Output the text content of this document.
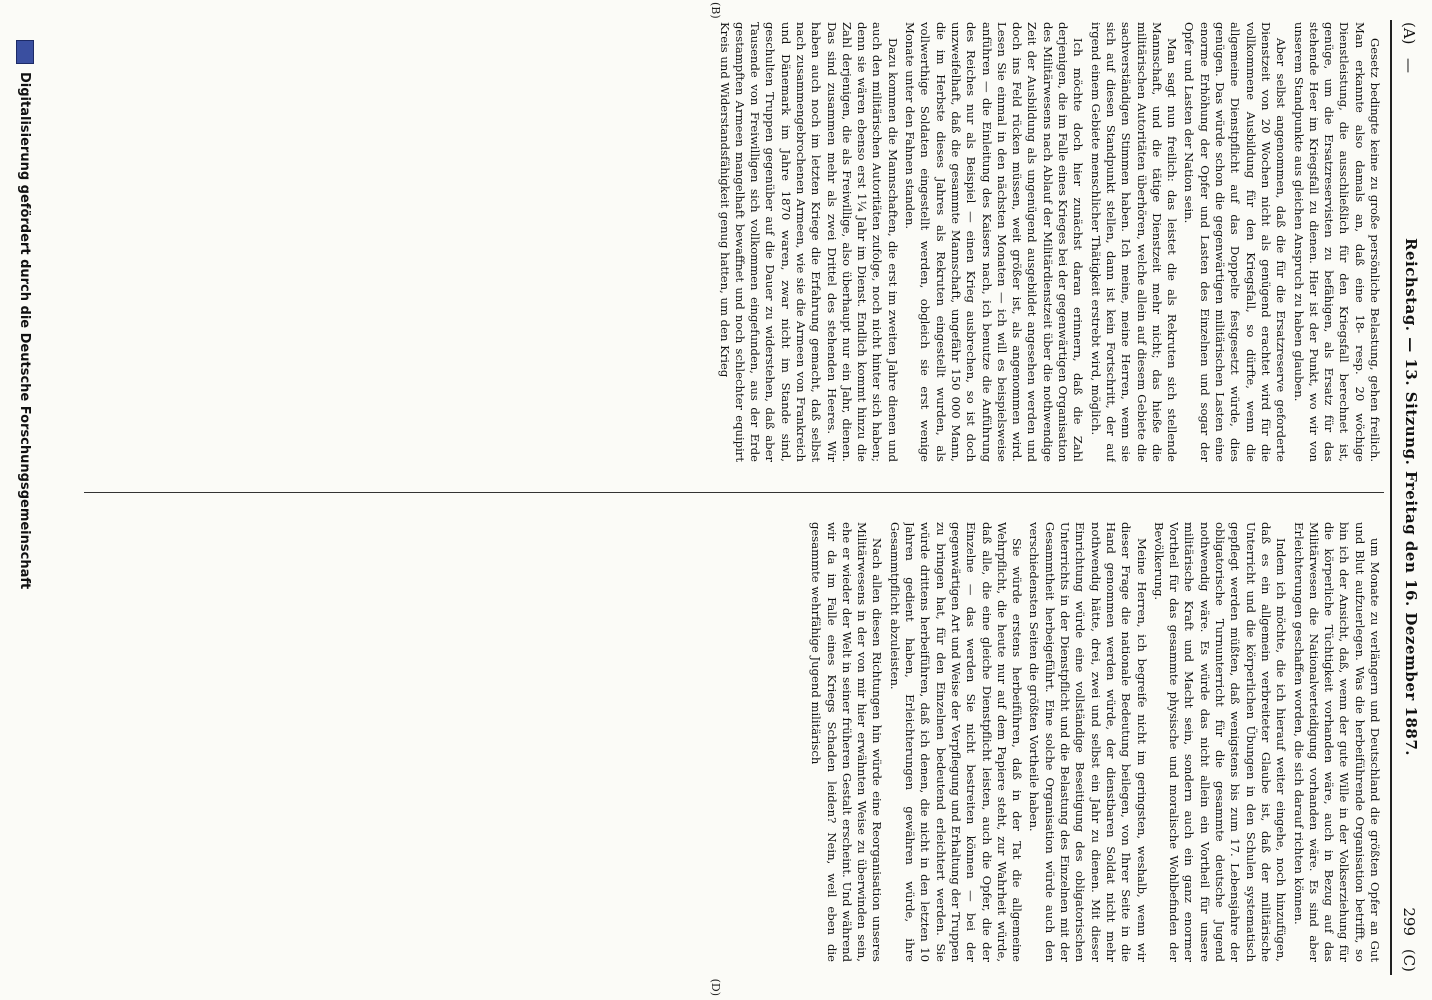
(A)
—
Reichstag. — 13. Sitzung. Freitag den 16. Dezember 1887.
299
(C)
(B)
(D)

Gesetz bedingte keine zu große persönliche Belastung, gehen freilich. Man erkannte also damals an, daß eine 18- resp. 20 wöchige Dienstleistung, die ausschließlich für den Kriegsfall berechnet ist, genüge, um die Ersatzreservisten zu befähigen, als Ersatz für das stehende Heer im Kriegsfall zu dienen. Hier ist der Punkt, wo wir von unserem Standpunkte aus gleichen Anspruch zu haben glauben.

Aber selbst angenommen, daß die für die Ersatzreserve geforderte Dienstzeit von 20 Wochen nicht als genügend erachtet wird für die vollkommene Ausbildung für den Kriegsfall, so dürfte, wenn die allgemeine Dienstpflicht auf das Doppelte festgesetzt würde, dies genügen. Das würde schon die gegenwärtigen militärischen Lasten eine enorme Erhöhung der Opfer und Lasten des Einzelnen und sogar der Opfer und Lasten der Nation sein.

Man sagt nun freilich: das leistet die als Rekruten sich stellende Mannschaft, und die tätige Dienstzeit mehr nicht; das hieße die militärischen Autoritäten überhören, welche allein auf diesem Gebiete die sachverständigen Stimmen haben. Ich meine, meine Herren, wenn sie sich auf diesen Standpunkt stellen, dann ist kein Fortschritt, der auf irgend einem Gebiete menschlicher Thätigkeit erstrebt wird, möglich.

Ich möchte doch hier zunächst daran erinnern, daß die Zahl derjenigen, die im Falle eines Krieges bei der gegenwärtigen Organisation des Militärwesens nach Ablauf der Militärdienstzeit über die nothwendige Zeit der Ausbildung als ungenügend ausgebildet angesehen werden und doch ins Feld rücken müssen, weit größer ist, als angenommen wird. Lesen Sie einmal in den nächsten Monaten — ich will es beispielsweise anführen — die Einleitung des Kaisers nach, ich benutze die Anführung des Reiches nur als Beispiel — einen Krieg ausbrechen, so ist doch unzweifelhaft, daß die gesammte Mannschaft, ungefähr 150 000 Mann, die im Herbste dieses Jahres als Rekruten eingestellt wurden, als vollwerthige Soldaten eingestellt werden, obgleich sie erst wenige Monate unter den Fahnen standen.

Dazu kommen die Mannschaften, die erst im zweiten Jahre dienen und auch den militärischen Autoritäten zufolge, noch nicht hinter sich haben; denn sie wären ebenso erst 1¼ Jahr im Dienst. Endlich kommt hinzu die Zahl derjenigen, die als Freiwillige, also überhaupt nur ein Jahr, dienen. Das sind zusammen mehr als zwei Drittel des stehenden Heeres. Wir haben auch noch im letzten Kriege die Erfahrung gemacht, daß selbst nach zusammengebrochenen Armeen, wie sie die Armeen von Frankreich und Dänemark im Jahre 1870 waren, zwar nicht im Stande sind, geschulten Truppen gegenüber auf die Dauer zu widerstehen, daß aber Tausende von Freiwilligen sich vollkommen eingefunden, aus der Erde gestampften Armeen mangelhaft bewaffnet und noch schlechter equipirt Kreis und Widerstandsfähigkeit genug hatten, um den Krieg

um Monate zu verlängern und Deutschland die größten Opfer an Gut und Blut aufzuerlegen. Was die herbeiführende Organisation betrifft, so bin ich der Ansicht, daß, wenn der gute Wille in der Volkserziehung für die körperliche Tüchtigkeit vorhanden wäre, auch in Bezug auf das Militärwesen die Nationalverteidigung vorhanden wäre. Es sind aber Erleichterungen geschaffen worden, die sich darauf richten können.

Indem ich möchte, die ich hierauf weiter eingehe, noch hinzufügen, daß es ein allgemein verbreiteter Glaube ist, daß der militärische Unterricht und die körperlichen Übungen in den Schulen systematisch gepflegt werden müßten, daß wenigstens bis zum 17. Lebensjahre der obligatorische Turnunterricht für die gesammte deutsche Jugend nothwendig wäre. Es würde das nicht allein ein Vortheil für unsere militärische Kraft und Macht sein, sondern auch ein ganz enormer Vortheil für das gesammte physische und moralische Wohlbefinden der Bevölkerung.

Meine Herren, ich begreife nicht im geringsten, weshalb, wenn wir dieser Frage die nationale Bedeutung beilegen, von Ihrer Seite in die Hand genommen werden würde, der dienstbaren Soldat nicht mehr nothwendig hätte, drei, zwei und selbst ein Jahr zu dienen. Mit dieser Einrichtung würde eine vollständige Beseitigung des obligatorischen Unterrichts in der Dienstpflicht und die Belastung des Einzelnen mit der Gesammtheit herbeigeführt. Eine solche Organisation würde auch den verschiedensten Seiten die größten Vortheile haben.

Sie würde erstens herbeiführen, daß in der Tat die allgemeine Wehrpflicht, die heute nur auf dem Papiere steht, zur Wahrheit würde, daß alle, die eine gleiche Dienstpflicht leisten, auch die Opfer, die der Einzelne — das werden Sie nicht bestreiten können — bei der gegenwärtigen Art und Weise der Verpflegung und Erhaltung der Truppen zu bringen hat, für den Einzelnen bedeutend erleichtert werden. Sie würde drittens herbeiführen, daß ich denen, die nicht in den letzten 10 Jahren gedient haben, Erleichterungen gewähren würde, ihre Gesammtpflicht abzuleisten.

Nach allen diesen Richtungen hin würde eine Reorganisation unseres Militärwesens in der von mir hier erwähnten Weise zu überwinden sein, ehe er wieder der Welt in seiner früheren Gestalt erscheint. Und während wir da im Falle eines Kriegs Schaden leiden? Nein, weil eben die gesammte wehrfähige Jugend militärisch

Digitalisierung gefördert durch die Deutsche Forschungsgemeinschaft
